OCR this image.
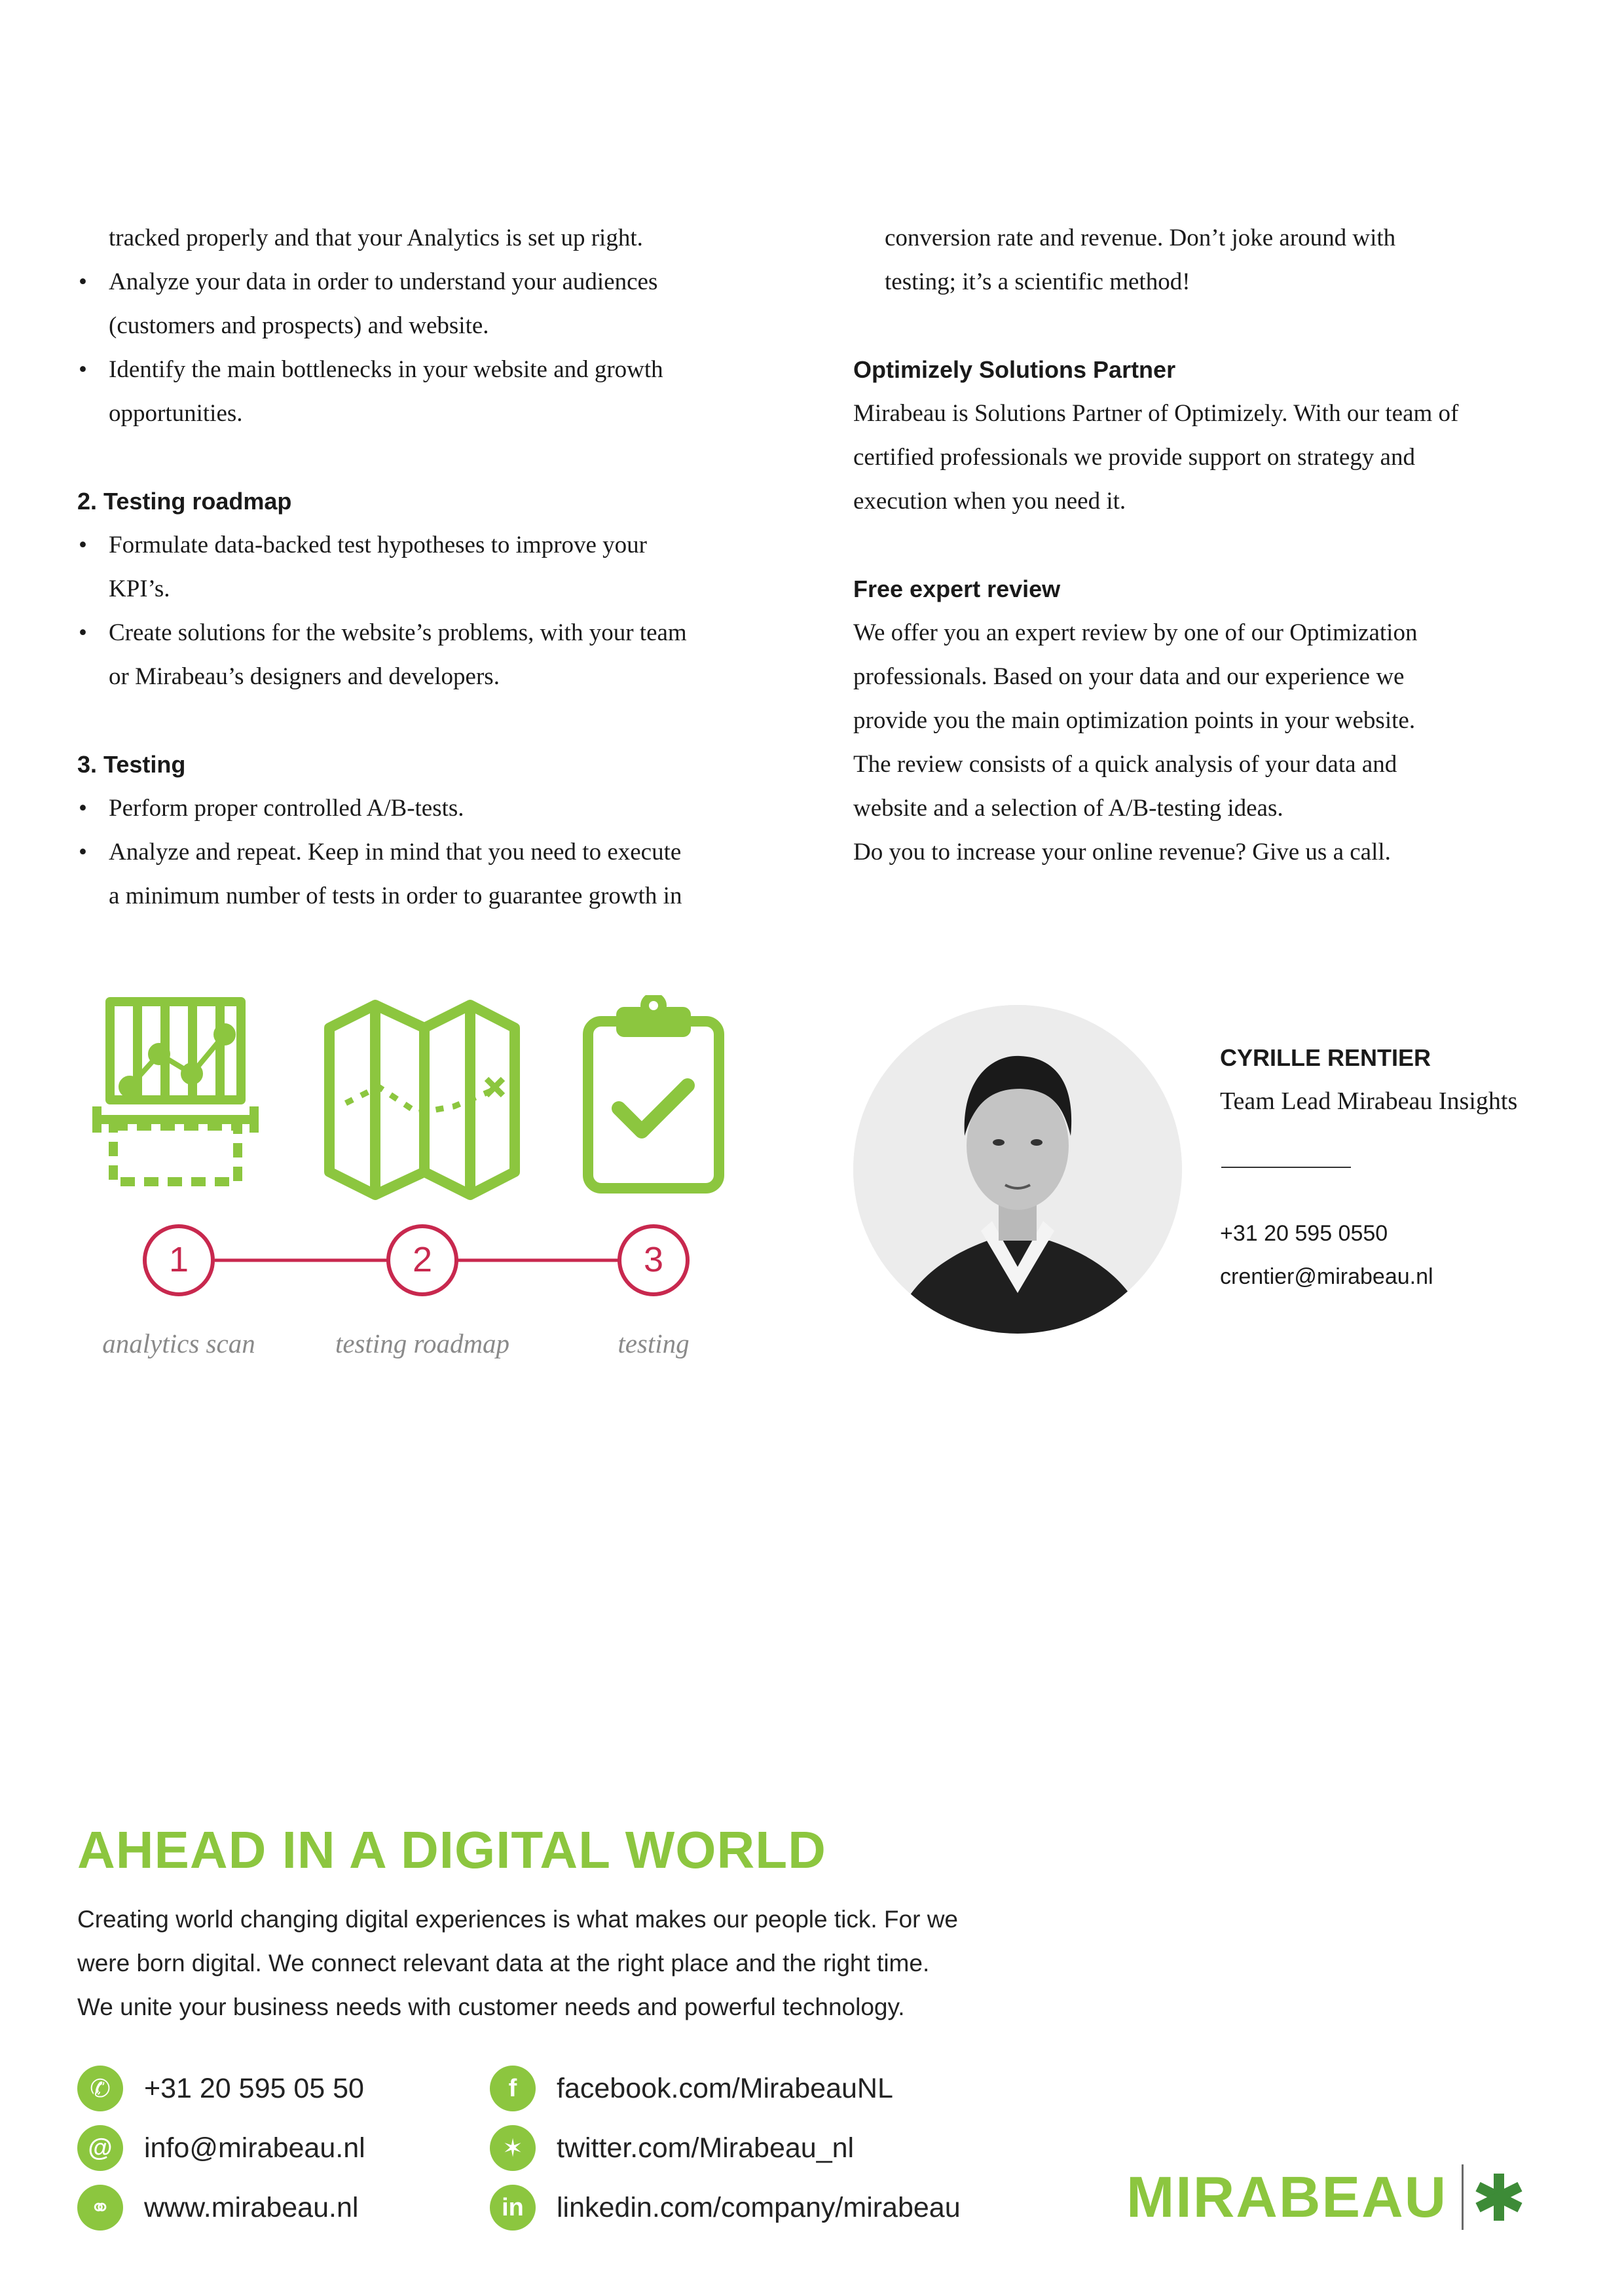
tracked properly and that your Analytics is set up right.

• Analyze your data in order to understand your audiences

(customers and prospects) and website.

• Identify the main bottlenecks in your website and growth

opportunities.

2. Testing roadmap

• Formulate data-backed test hypotheses to improve your

KPI’s.

• Create solutions for the website’s problems, with your team

or Mirabeau’s designers and developers.

3. Testing

• Perform proper controlled A/B-tests.

• Analyze and repeat. Keep in mind that you need to execute

a minimum number of tests in order to guarantee growth in

conversion rate and revenue. Don’t joke around with

testing; it’s a scientific method!

Optimizely Solutions Partner

Mirabeau is Solutions Partner of Optimizely. With our team of

certified professionals we provide support on strategy and

execution when you need it.

Free expert review

We offer you an expert review by one of our Optimization

professionals. Based on your data and our experience we

provide you the main optimization points in your website.

The review consists of a quick analysis of your data and

website and a selection of A/B-testing ideas.

Do you to increase your online revenue? Give us a call.

1	2	3
analytics scan	testing roadmap	testing
CYRILLE RENTIER
Team Lead Mirabeau Insights
+31 20 595 0550
crentier@mirabeau.nl
AHEAD IN A DIGITAL WORLD

Creating world changing digital experiences is what makes our people tick. For we

were born digital. We connect relevant data at the right place and the right time.

We unite your business needs with customer needs and powerful technology.

✆	+31 20 595 05 50
@	info@mirabeau.nl
⚭	www.mirabeau.nl
f	facebook.com/MirabeauNL
✶	twitter.com/Mirabeau_nl
in	linkedin.com/company/mirabeau	MIRABEAU
